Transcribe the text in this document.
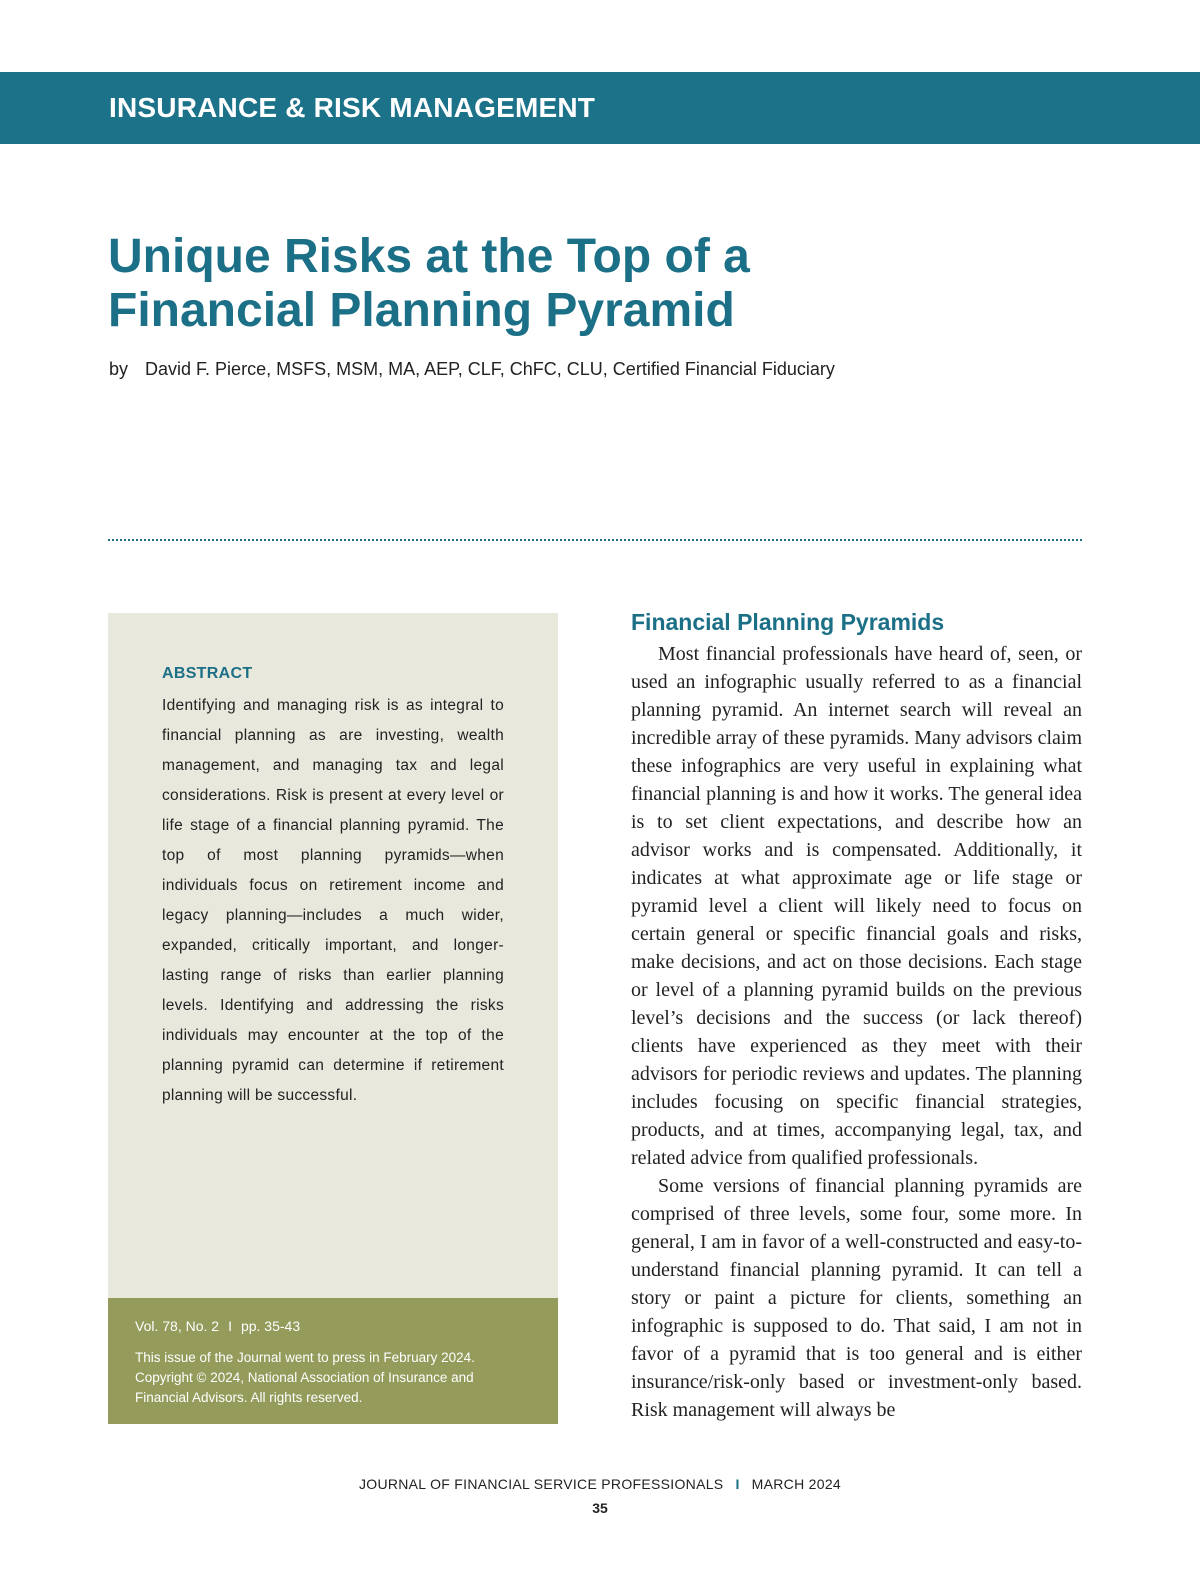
INSURANCE & RISK MANAGEMENT
Unique Risks at the Top of a
Financial Planning Pyramid
by David F. Pierce, MSFS, MSM, MA, AEP, CLF, ChFC, CLU, Certified Financial Fiduciary
ABSTRACT

Identifying and managing risk is as integral to financial planning as are investing, wealth management, and managing tax and legal considerations. Risk is present at every level or life stage of a financial planning pyramid. The top of most planning pyramids—when individuals focus on retirement income and legacy planning—includes a much wider, expanded, critically important, and longer-lasting range of risks than earlier planning levels. Identifying and addressing the risks individuals may encounter at the top of the planning pyramid can determine if retirement planning will be successful.

Vol. 78, No. 2 I pp. 35-43
This issue of the Journal went to press in February 2024.
Copyright © 2024, National Association of Insurance and
Financial Advisors. All rights reserved.
Financial Planning Pyramids

Most financial professionals have heard of, seen, or used an infographic usually referred to as a financial planning pyramid. An internet search will reveal an incredible array of these pyramids. Many advisors claim these infographics are very useful in explaining what financial planning is and how it works. The general idea is to set client expectations, and describe how an advisor works and is compensated. Additionally, it indicates at what approximate age or life stage or pyramid level a client will likely need to focus on certain general or specific financial goals and risks, make decisions, and act on those decisions. Each stage or level of a planning pyramid builds on the previous level’s decisions and the success (or lack thereof) clients have experienced as they meet with their advisors for periodic reviews and updates. The planning includes focusing on specific financial strategies, products, and at times, accompanying legal, tax, and related advice from qualified professionals.

Some versions of financial planning pyramids are comprised of three levels, some four, some more. In general, I am in favor of a well-constructed and easy-to-understand financial planning pyramid. It can tell a story or paint a picture for clients, something an infographic is supposed to do. That said, I am not in favor of a pyramid that is too general and is either insurance/risk-only based or investment-only based. Risk management will always be

JOURNAL OF FINANCIAL SERVICE PROFESSIONALS I MARCH 2024
35
